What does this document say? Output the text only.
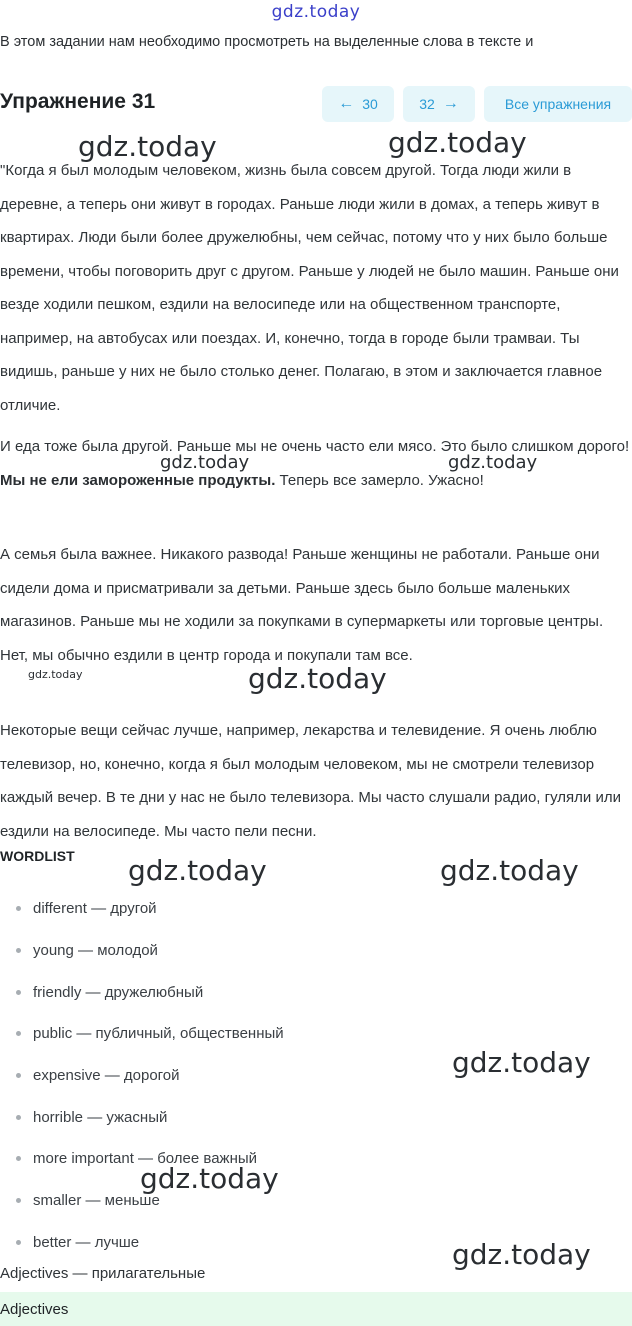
gdz.today
В этом задании нам необходимо просмотреть на выделенные слова в тексте и
Упражнение 31	← 30	32 →	Все упражнения

"Когда я был молодым человеком, жизнь была совсем другой. Тогда люди жили в деревне, а теперь они живут в городах. Раньше люди жили в домах, а теперь живут в квартирах. Люди были более дружелюбны, чем сейчас, потому что у них было больше времени, чтобы поговорить друг с другом. Раньше у людей не было машин. Раньше они везде ходили пешком, ездили на велосипеде или на общественном транспорте, например, на автобусах или поездах. И, конечно, тогда в городе были трамваи. Ты видишь, раньше у них не было столько денег. Полагаю, в этом и заключается главное отличие.

И еда тоже была другой. Раньше мы не очень часто ели мясо. Это было слишком дорого! Мы не ели замороженные продукты. Теперь все замерло. Ужасно!

А семья была важнее. Никакого развода! Раньше женщины не работали. Раньше они сидели дома и присматривали за детьми. Раньше здесь было больше маленьких магазинов. Раньше мы не ходили за покупками в супермаркеты или торговые центры. Нет, мы обычно ездили в центр города и покупали там все.

Некоторые вещи сейчас лучше, например, лекарства и телевидение. Я очень люблю телевизор, но, конечно, когда я был молодым человеком, мы не смотрели телевизор каждый вечер. В те дни у нас не было телевизора. Мы часто слушали радио, гуляли или ездили на велосипеде. Мы часто пели песни.

WORDLIST
different — другой
young — молодой
friendly — дружелюбный
public — публичный, общественный
expensive — дорогой
horrible — ужасный
more important — более важный
smaller — меньше
better — лучше
Adjectives — прилагательные
Adjectives
gdz.today	gdz.today
gdz.today	gdz.today
gdz.today	gdz.today
gdz.today	gdz.today
gdz.today
gdz.today
gdz.today
